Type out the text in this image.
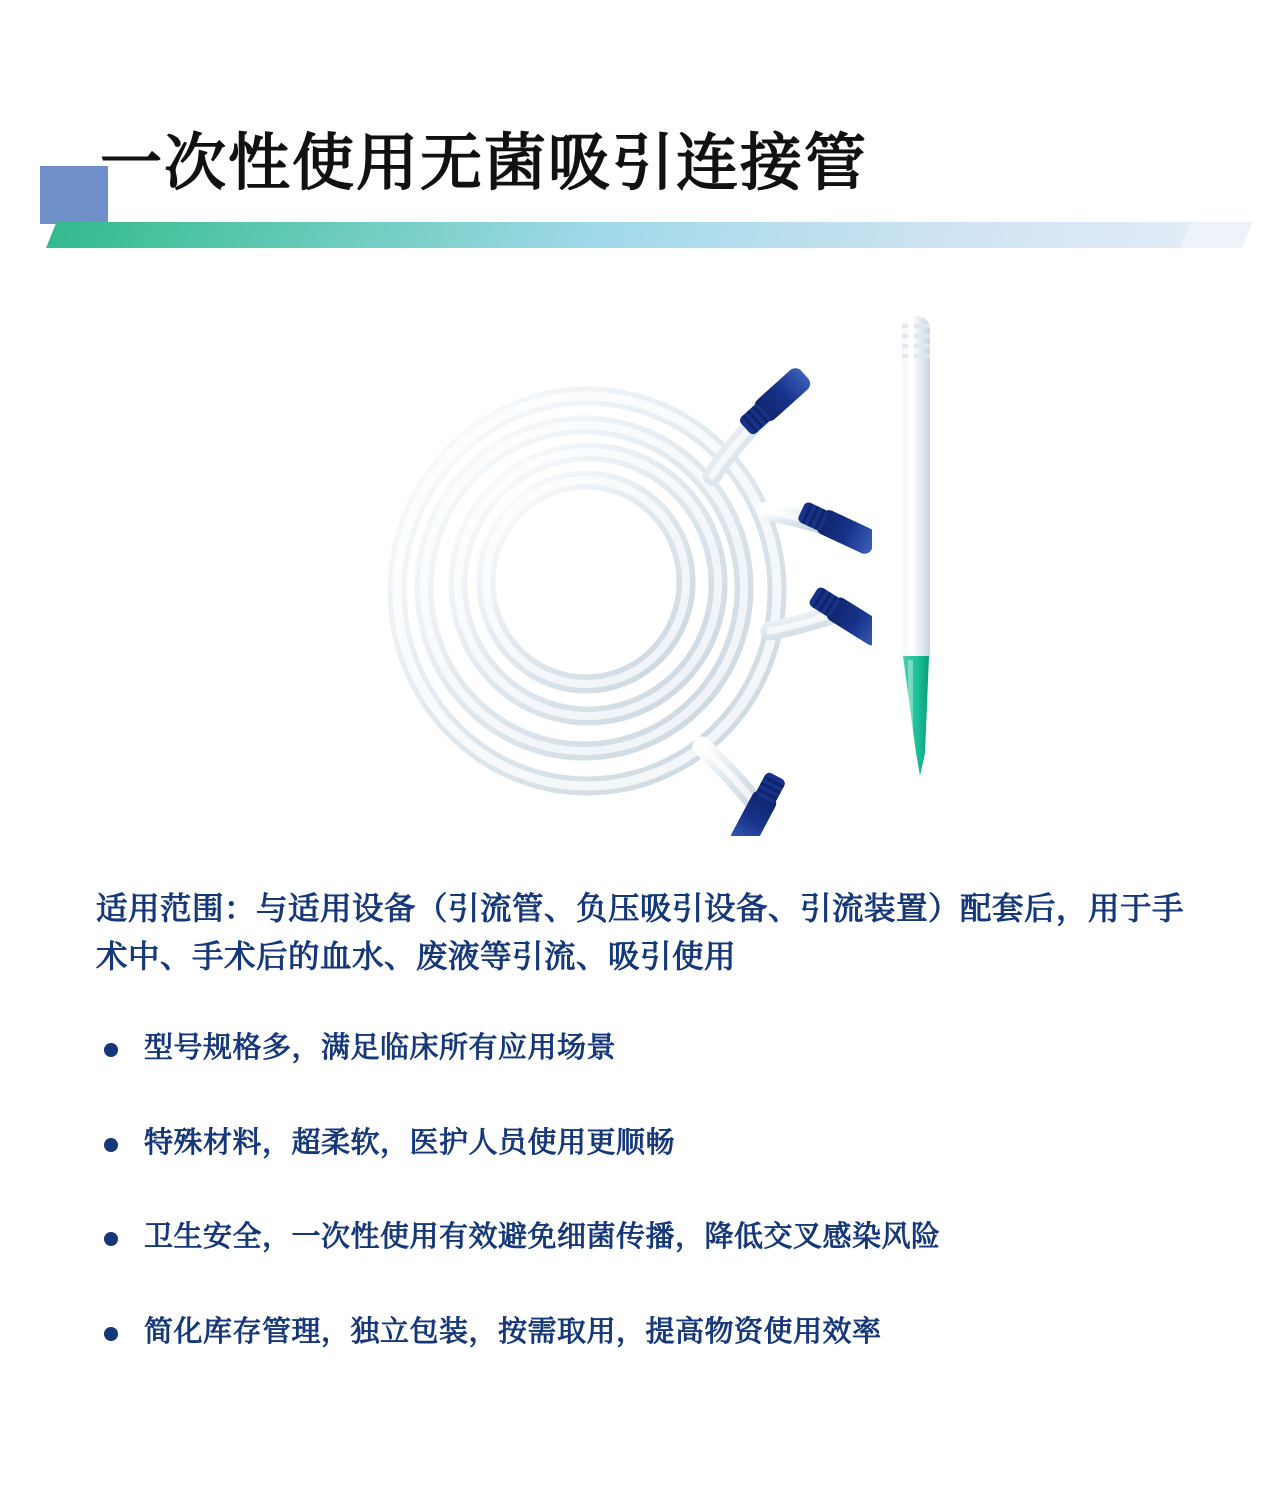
一次性使用无菌吸引连接管

适用范围：与适用设备（引流管、负压吸引设备、引流装置）配套后，用于手术中、手术后的血水、废液等引流、吸引使用

型号规格多，满足临床所有应用场景
特殊材料，超柔软，医护人员使用更顺畅
卫生安全，一次性使用有效避免细菌传播，降低交叉感染风险
简化库存管理，独立包装，按需取用，提高物资使用效率
